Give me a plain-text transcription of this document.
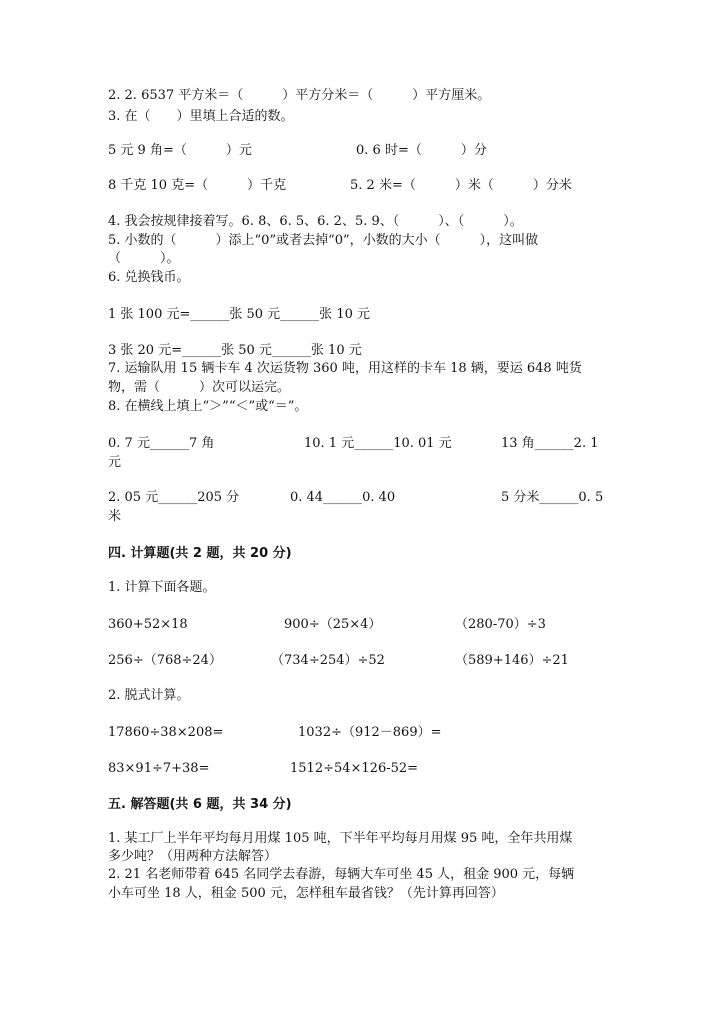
2. 2. 6537 平方米＝（　　　）平方分米＝（　　　）平方厘米。
3. 在（　　）里填上合适的数。
5 元 9 角=（　　　）元	0. 6 时=（　　　）分
8 千克 10 克=（　　　）千克	5. 2 米=（　　　）米（　　　）分米
4. 我会按规律接着写。6. 8、6. 5、6. 2、5. 9、（　　　）、（　　　）。
5. 小数的（　　　）添上“0”或者去掉“0”，小数的大小（　　　），这叫做
（　　　）。
6. 兑换钱币。
1 张 100 元=______张 50 元______张 10 元
3 张 20 元=______张 50 元______张 10 元
7. 运输队用 15 辆卡车 4 次运货物 360 吨，用这样的卡车 18 辆，要运 648 吨货
物，需（　　　）次可以运完。
8. 在横线上填上“＞”“＜”或“＝”。
0. 7 元______7 角	10. 1 元______10. 01 元	13 角______2. 1
元
2. 05 元______205 分	0. 44______0. 40	5 分米______0. 5
米
四. 计算题(共 2 题，共 20 分)
1. 计算下面各题。
360+52×18	900÷（25×4）	（280-70）÷3
256÷（768÷24）	（734÷254）÷52	（589+146）÷21
2. 脱式计算。
17860÷38×208=	1032÷（912－869）=
83×91÷7+38=	1512÷54×126-52=
五. 解答题(共 6 题，共 34 分)
1. 某工厂上半年平均每月用煤 105 吨，下半年平均每月用煤 95 吨，全年共用煤
多少吨？（用两种方法解答）
2. 21 名老师带着 645 名同学去春游，每辆大车可坐 45 人，租金 900 元，每辆
小车可坐 18 人，租金 500 元，怎样租车最省钱？（先计算再回答）
